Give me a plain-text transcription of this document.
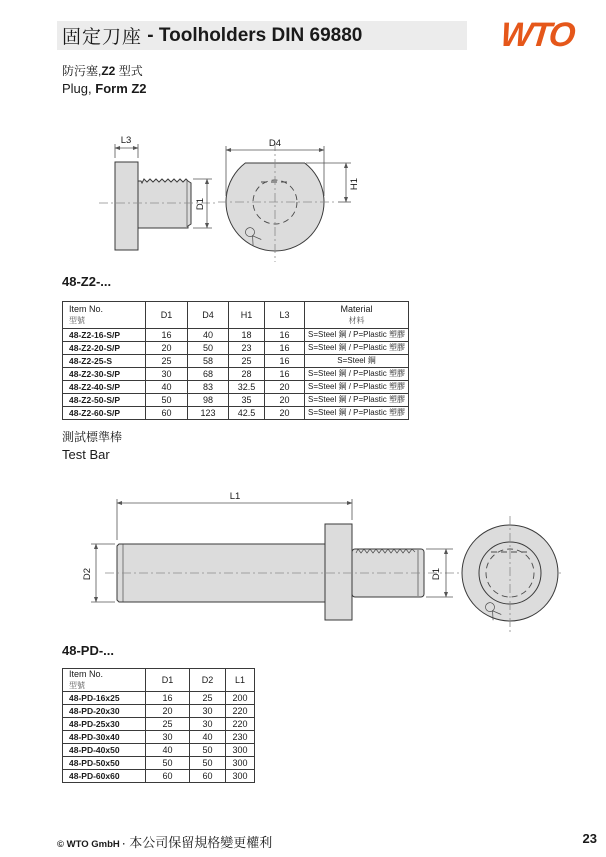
固定刀座 - Toolholders DIN 69880	WTO
防污塞,Z2 型式
Plug, Form Z2
L3
D1
D4
H1
48-Z2-...
Item No.
型號
	D1	D4	H1	L3	
Material
材料

48-Z2-16-S/P	16	40	18	16	S=Steel 鋼 / P=Plastic 塑膠
48-Z2-20-S/P	20	50	23	16	S=Steel 鋼 / P=Plastic 塑膠
48-Z2-25-S	25	58	25	16	S=Steel 鋼
48-Z2-30-S/P	30	68	28	16	S=Steel 鋼 / P=Plastic 塑膠
48-Z2-40-S/P	40	83	32.5	20	S=Steel 鋼 / P=Plastic 塑膠
48-Z2-50-S/P	50	98	35	20	S=Steel 鋼 / P=Plastic 塑膠
48-Z2-60-S/P	60	123	42.5	20	S=Steel 鋼 / P=Plastic 塑膠
測試標準棒
Test Bar
L1
D2	D1
48-PD-...
Item No.
型號	D1	D2	L1
48-PD-16x25	16	25	200
48-PD-20x30	20	30	220
48-PD-25x30	25	30	220
48-PD-30x40	30	40	230
48-PD-40x50	40	50	300
48-PD-50x50	50	50	300
48-PD-60x60	60	60	300
© WTO GmbH · 本公司保留規格變更權利	23
